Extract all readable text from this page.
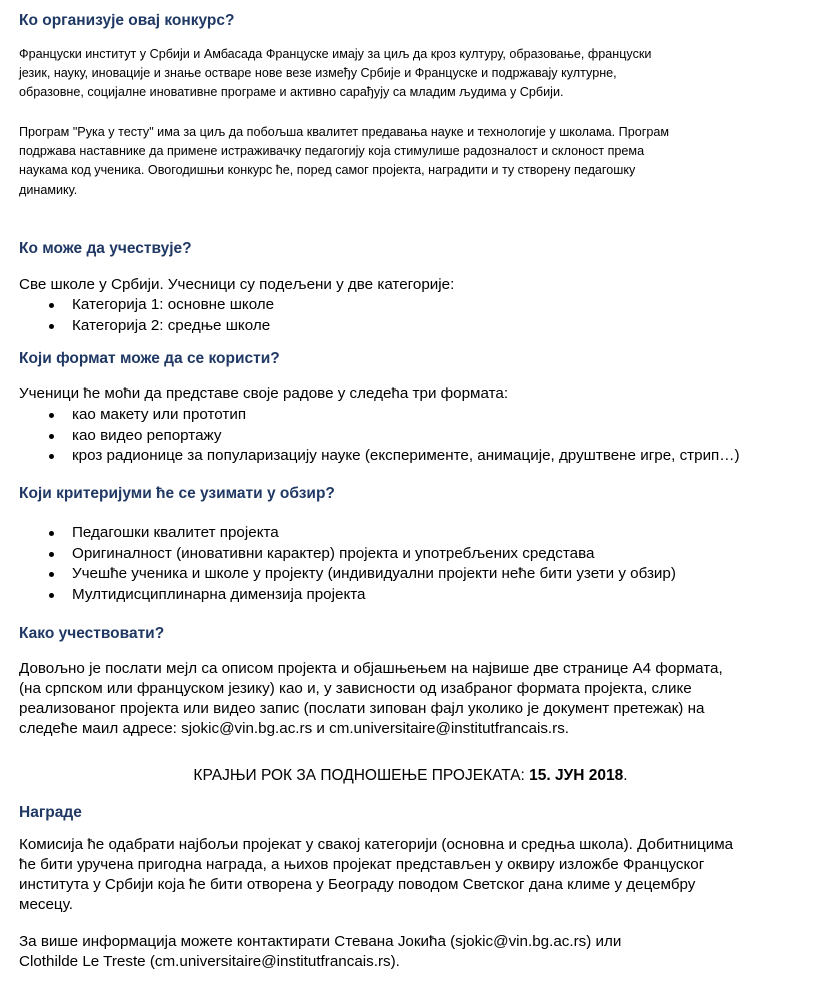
Ко организује овај конкурс?

Француски институт у Србији и Амбасада Француске имају за циљ да кроз културу, образовање, француски
језик, науку, иновације и знање остваре нове везе између Србије и Француске и подржавају културне,
образовне, социјалне иновативне програме и активно сарађују са младим људима у Србији.

Програм "Рука у тесту" има за циљ да побољша квалитет предавања науке и технологије у школама. Програм
подржава наставнике да примене истраживачку педагогију која стимулише радозналост и склоност према
наукама код ученика. Овогодишњи конкурс ће, поред самог пројекта, наградити и ту створену педагошку
динамику.

Ко може да учествује?

Све школе у Србији. Учесници су подељени у две категорије:

Категорија 1: основне школе
Категорија 2: средње школе
Који формат може да се користи?

Ученици ће моћи да представе своје радове у следећа три формата:

као макету или прототип
као видео репортажу
кроз радионице за популаризацију науке (експерименте, анимације, друштвене игре, стрип…)
Који критеријуми ће се узимати у обзир?
Педагошки квалитет пројекта
Оригиналност (иновативни карактер) пројекта и употребљених средстава
Учешће ученика и школе у пројекту (индивидуални пројекти неће бити узети у обзир)
Мултидисциплинарна димензија пројекта
Како учествовати?

Довољно је послати мејл са описом пројекта и објашњењем на највише две странице А4 формата,
(на српском или француском језику) као и, у зависности од изабраног формата пројекта, слике
реализованог пројекта или видео запис (послати зипован фајл уколико је документ претежак) на
следеће маил адресе: sjokic@vin.bg.ac.rs и cm.universitaire@institutfrancais.rs.

КРАЈЊИ РОК ЗА ПОДНОШЕЊЕ ПРОЈЕКАТА: 15. ЈУН 2018.
Награде

Комисија ће одабрати најбољи пројекат у свакој категорији (основна и средња школа). Добитницима
ће бити уручена пригодна награда, а њихов пројекат представљен у оквиру изложбе Француског
института у Србији која ће бити отворена у Београду поводом Светског дана климе у децембру
месецу.

За више информација можете контактирати Стевана Јокића (sjokic@vin.bg.ac.rs) или
Clothilde Le Treste (cm.universitaire@institutfrancais.rs).
